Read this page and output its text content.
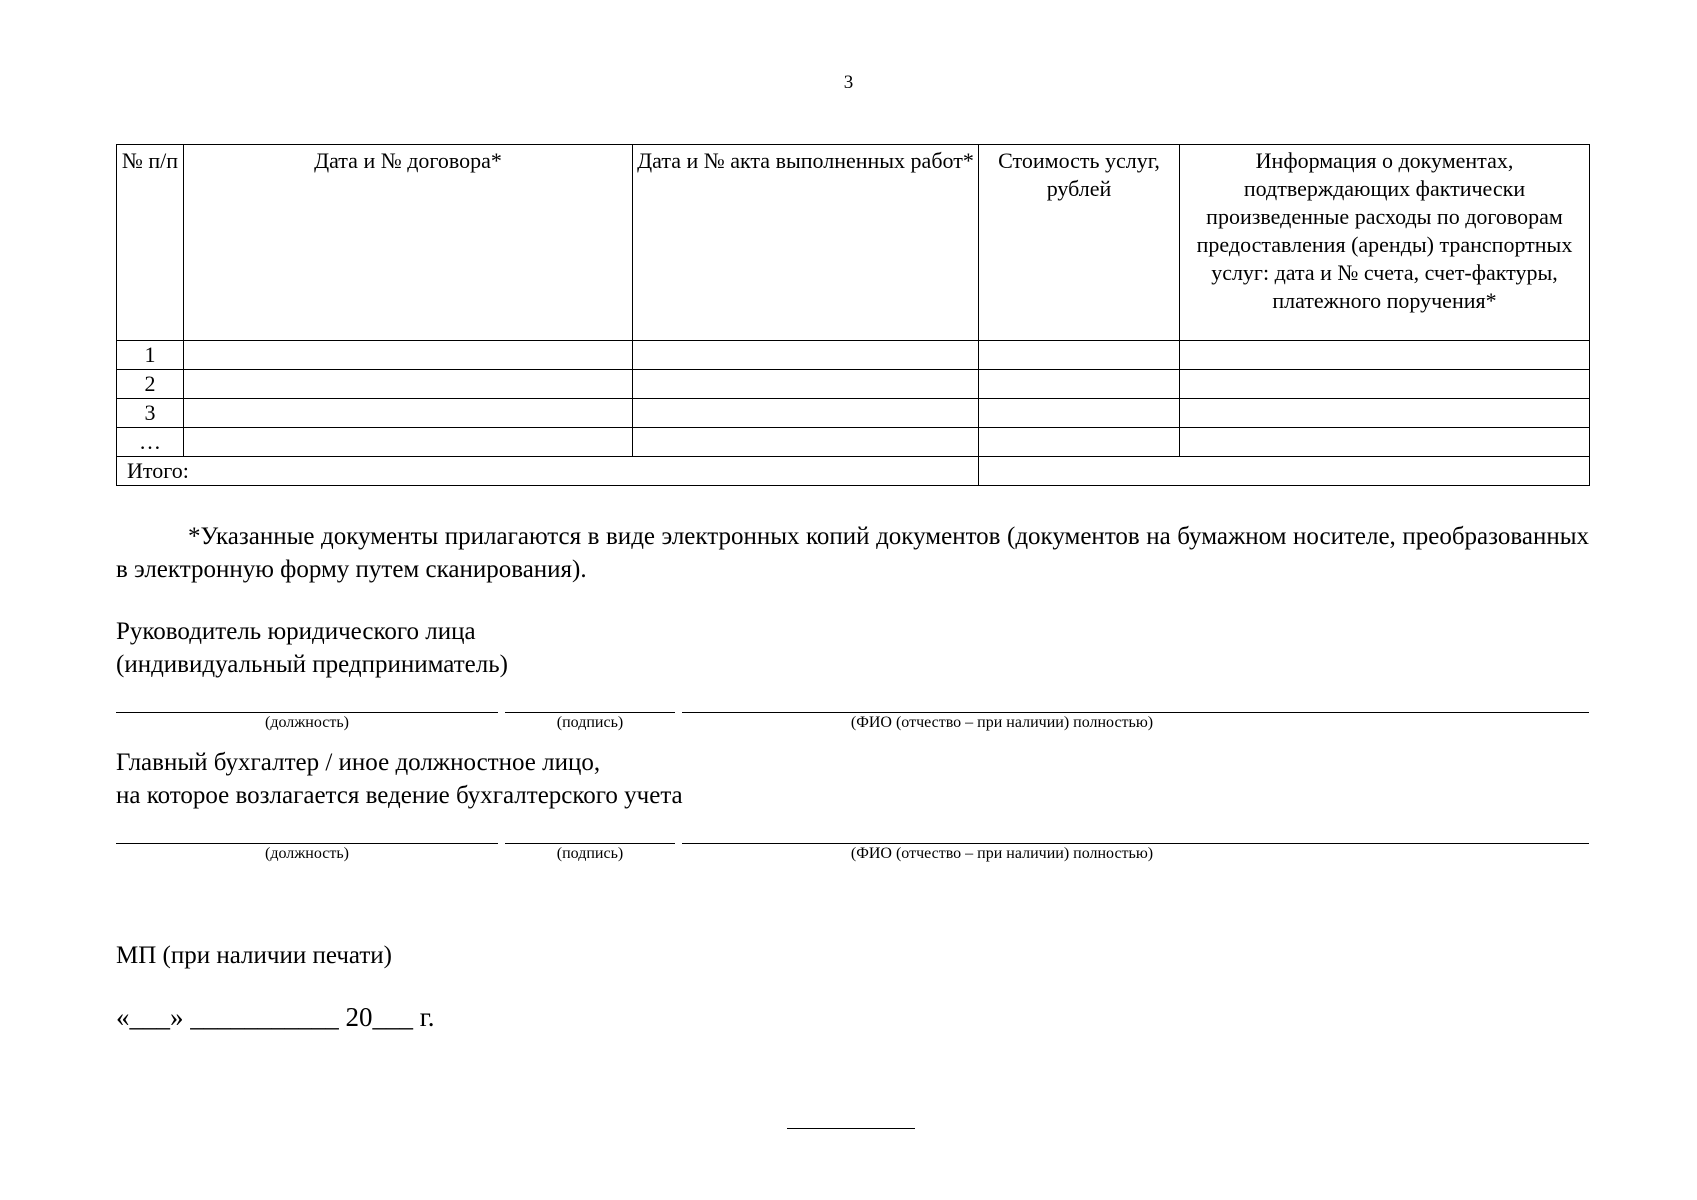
3
№ п/п	Дата и № договора*	Дата и № акта выполненных работ*	Стоимость услуг, рублей	Информация о документах, подтверждающих фактически произведенные расходы по договорам предоставления (аренды) транспортных услуг: дата и № счета, счет-фактуры, платежного поручения*
1				
2				
3				
…				
Итого:				
*Указанные документы прилагаются в виде электронных копий документов (документов на бумажном носителе, преобразованных в электронную форму путем сканирования).
Руководитель юридического лица
(индивидуальный предприниматель)
(должность)	(подпись)	(ФИО (отчество – при наличии) полностью)
Главный бухгалтер / иное должностное лицо,
на которое возлагается ведение бухгалтерского учета
(должность)	(подпись)	(ФИО (отчество – при наличии) полностью)
МП (при наличии печати)
«___» ___________ 20___ г.
